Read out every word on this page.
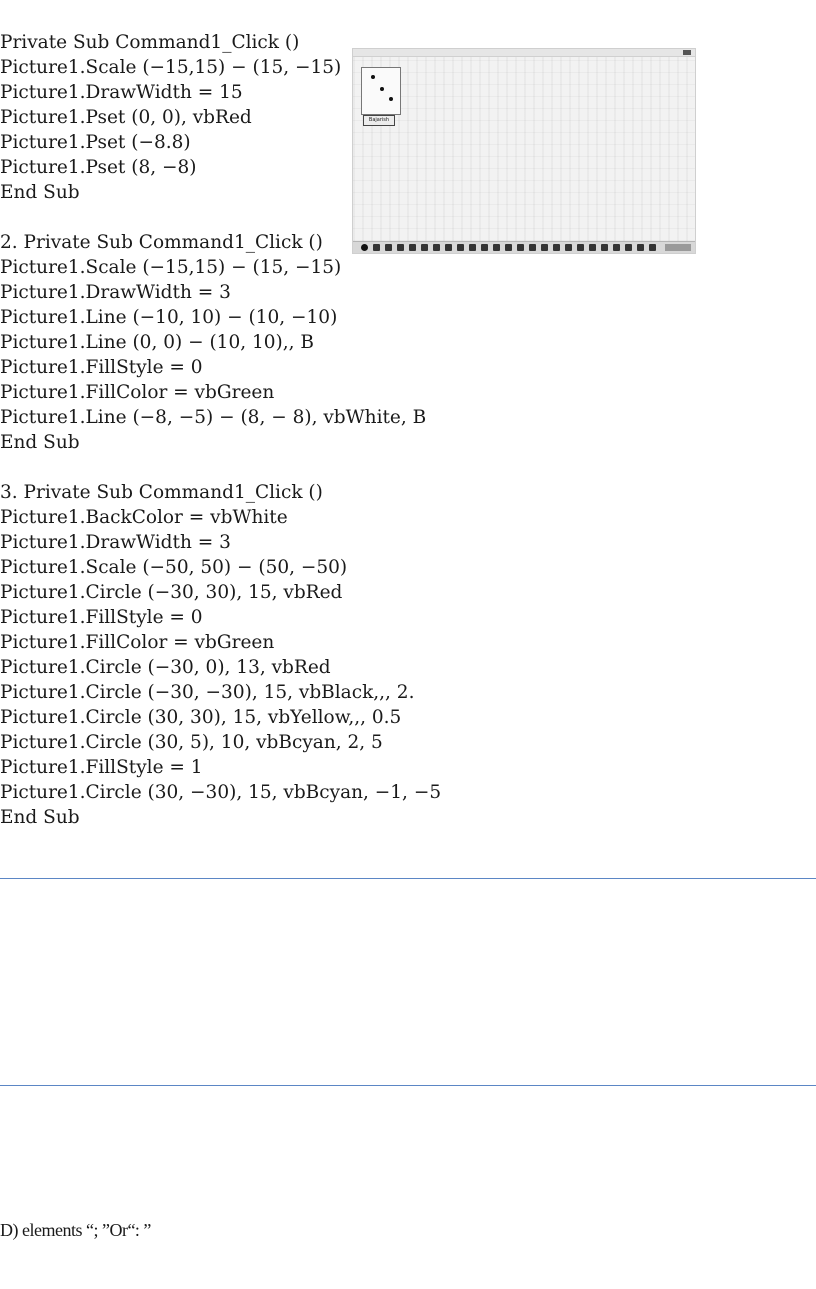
Private Sub Command1_Click ()
Picture1.Scale (−15,15) − (15, −15)
Picture1.DrawWidth = 15
Picture1.Pset (0, 0), vbRed
Picture1.Pset (−8.8)
Picture1.Pset (8, −8)
End Sub
2. Private Sub Command1_Click ()
Picture1.Scale (−15,15) − (15, −15)
Picture1.DrawWidth = 3
Picture1.Line (−10, 10) − (10, −10)
Picture1.Line (0, 0) − (10, 10),, B
Picture1.FillStyle = 0
Picture1.FillColor = vbGreen
Picture1.Line (−8, −5) − (8, − 8), vbWhite, B
End Sub
3. Private Sub Command1_Click ()
Picture1.BackColor = vbWhite
Picture1.DrawWidth = 3
Picture1.Scale (−50, 50) − (50, −50)
Picture1.Circle (−30, 30), 15, vbRed
Picture1.FillStyle = 0
Picture1.FillColor = vbGreen
Picture1.Circle (−30, 0), 13, vbRed
Picture1.Circle (−30, −30), 15, vbBlack,,, 2.
Picture1.Circle (30, 30), 15, vbYellow,,, 0.5
Picture1.Circle (30, 5), 10, vbBcyan, 2, 5
Picture1.FillStyle = 1
Picture1.Circle (30, −30), 15, vbBcyan, −1, −5
End Sub
Bajarish
D) elements “; ”Or“: ”
